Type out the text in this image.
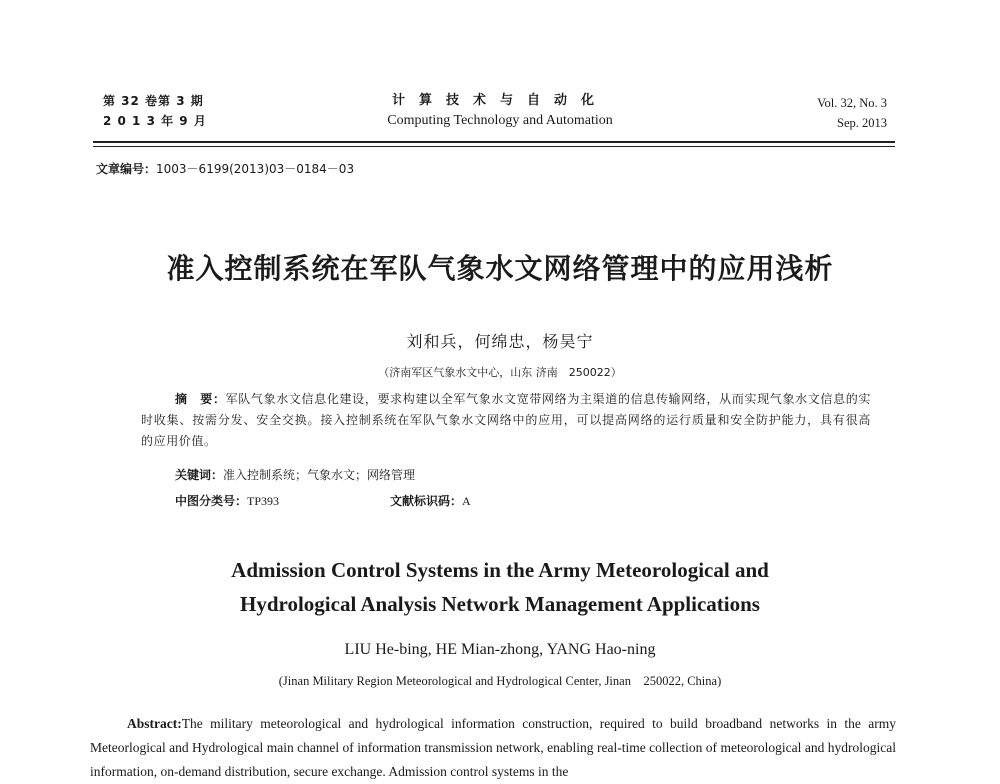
第 32 卷第 3 期
2 0 1 3 年 9 月
计算技术与自动化
Computing Technology and Automation
Vol. 32, No. 3
Sep. 2013
文章编号：1003－6199(2013)03－0184－03
准入控制系统在军队气象水文网络管理中的应用浅析
刘和兵，何绵忠，杨昊宁
（济南军区气象水文中心，山东 济南　250022）
摘　要：军队气象水文信息化建设，要求构建以全军气象水文宽带网络为主渠道的信息传输网络，从而实现气象水文信息的实时收集、按需分发、安全交换。接入控制系统在军队气象水文网络中的应用，可以提高网络的运行质量和安全防护能力，具有很高的应用价值。
关键词：准入控制系统；气象水文；网络管理
中图分类号：TP393	文献标识码：A
Admission Control Systems in the Army Meteorological and
Hydrological Analysis Network Management Applications
LIU He-bing, HE Mian-zhong, YANG Hao-ning
(Jinan Military Region Meteorological and Hydrological Center, Jinan　250022, China)
Abstract:The military meteorological and hydrological information construction, required to build broadband networks in the army Meteorlogical and Hydrological main channel of information transmission network, enabling real-time collection of meteorological and hydrological information, on-demand distribution, secure exchange. Admission control systems in the
